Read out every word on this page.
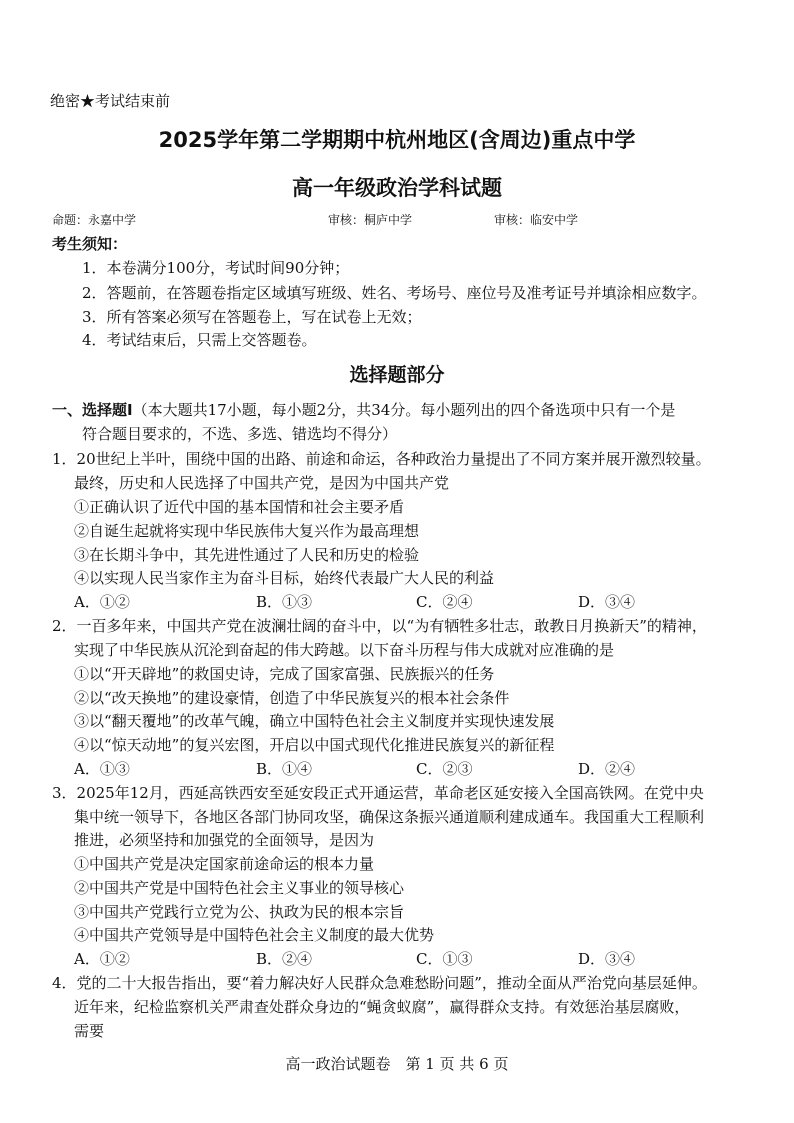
绝密★考试结束前
2025学年第二学期期中杭州地区(含周边)重点中学
高一年级政治学科试题
命题：永嘉中学	审核：桐庐中学	审核：临安中学
考生须知：
1．本卷满分100分，考试时间90分钟；
2．答题前，在答题卷指定区域填写班级、姓名、考场号、座位号及准考证号并填涂相应数字。
3．所有答案必须写在答题卷上，写在试卷上无效；
4．考试结束后，只需上交答题卷。
选择题部分
一、选择题Ⅰ（本大题共17小题，每小题2分，共34分。每小题列出的四个备选项中只有一个是
符合题目要求的，不选、多选、错选均不得分）
1．20世纪上半叶，围绕中国的出路、前途和命运，各种政治力量提出了不同方案并展开激烈较量。
最终，历史和人民选择了中国共产党，是因为中国共产党
①正确认识了近代中国的基本国情和社会主要矛盾
②自诞生起就将实现中华民族伟大复兴作为最高理想
③在长期斗争中，其先进性通过了人民和历史的检验
④以实现人民当家作主为奋斗目标，始终代表最广大人民的利益
A．①②	B．①③	C．②④	D．③④
2．一百多年来，中国共产党在波澜壮阔的奋斗中，以“为有牺牲多壮志，敢教日月换新天”的精神，
实现了中华民族从沉沦到奋起的伟大跨越。以下奋斗历程与伟大成就对应准确的是
①以“开天辟地”的救国史诗，完成了国家富强、民族振兴的任务
②以“改天换地”的建设豪情，创造了中华民族复兴的根本社会条件
③以“翻天覆地”的改革气魄，确立中国特色社会主义制度并实现快速发展
④以“惊天动地”的复兴宏图，开启以中国式现代化推进民族复兴的新征程
A．①③	B．①④	C．②③	D．②④
3．2025年12月，西延高铁西安至延安段正式开通运营，革命老区延安接入全国高铁网。在党中央
集中统一领导下，各地区各部门协同攻坚，确保这条振兴通道顺利建成通车。我国重大工程顺利
推进，必须坚持和加强党的全面领导，是因为
①中国共产党是决定国家前途命运的根本力量
②中国共产党是中国特色社会主义事业的领导核心
③中国共产党践行立党为公、执政为民的根本宗旨
④中国共产党领导是中国特色社会主义制度的最大优势
A．①②	B．②④	C．①③	D．③④
4．党的二十大报告指出，要“着力解决好人民群众急难愁盼问题”，推动全面从严治党向基层延伸。
近年来，纪检监察机关严肃查处群众身边的“蝇贪蚁腐”，赢得群众支持。有效惩治基层腐败，
需要
高一政治试题卷　第 1 页 共 6 页
